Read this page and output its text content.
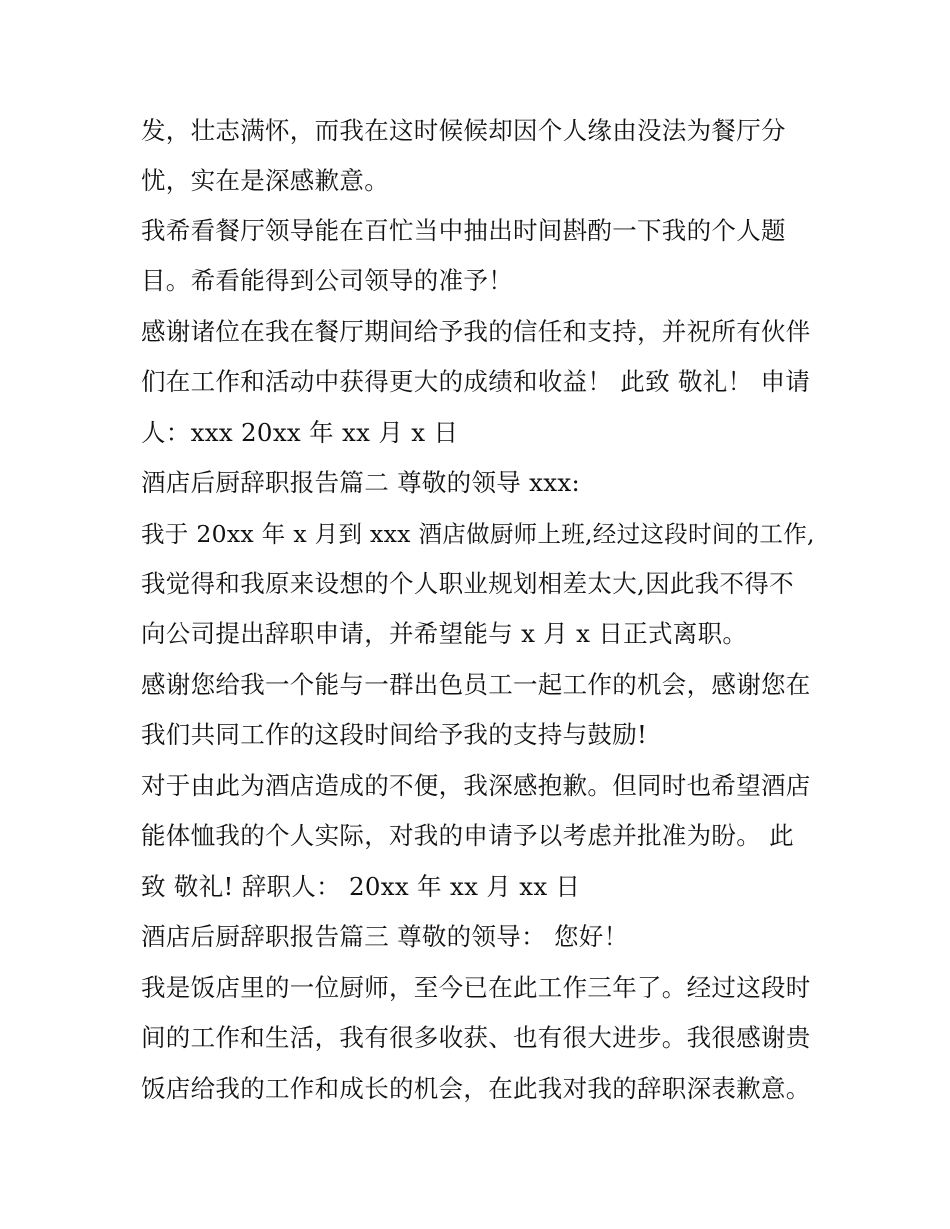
发，壮志满怀，而我在这时候候却因个人缘由没法为餐厅分
忧，实在是深感歉意。
我希看餐厅领导能在百忙当中抽出时间斟酌一下我的个人题
目。希看能得到公司领导的准予！
感谢诸位在我在餐厅期间给予我的信任和支持，并祝所有伙伴
们在工作和活动中获得更大的成绩和收益！ 此致 敬礼！ 申请
人：xxx 20xx 年 xx 月 x 日
酒店后厨辞职报告篇二 尊敬的领导 xxx:
我于 20xx 年 x 月到 xxx 酒店做厨师上班,经过这段时间的工作,
我觉得和我原来设想的个人职业规划相差太大,因此我不得不
向公司提出辞职申请，并希望能与 x 月 x 日正式离职。
感谢您给我一个能与一群出色员工一起工作的机会，感谢您在
我们共同工作的这段时间给予我的支持与鼓励!
对于由此为酒店造成的不便，我深感抱歉。但同时也希望酒店
能体恤我的个人实际，对我的申请予以考虑并批准为盼。 此
致 敬礼! 辞职人： 20xx 年 xx 月 xx 日
酒店后厨辞职报告篇三 尊敬的领导： 您好！
我是饭店里的一位厨师，至今已在此工作三年了。经过这段时
间的工作和生活，我有很多收获、也有很大进步。我很感谢贵
饭店给我的工作和成长的机会，在此我对我的辞职深表歉意。
